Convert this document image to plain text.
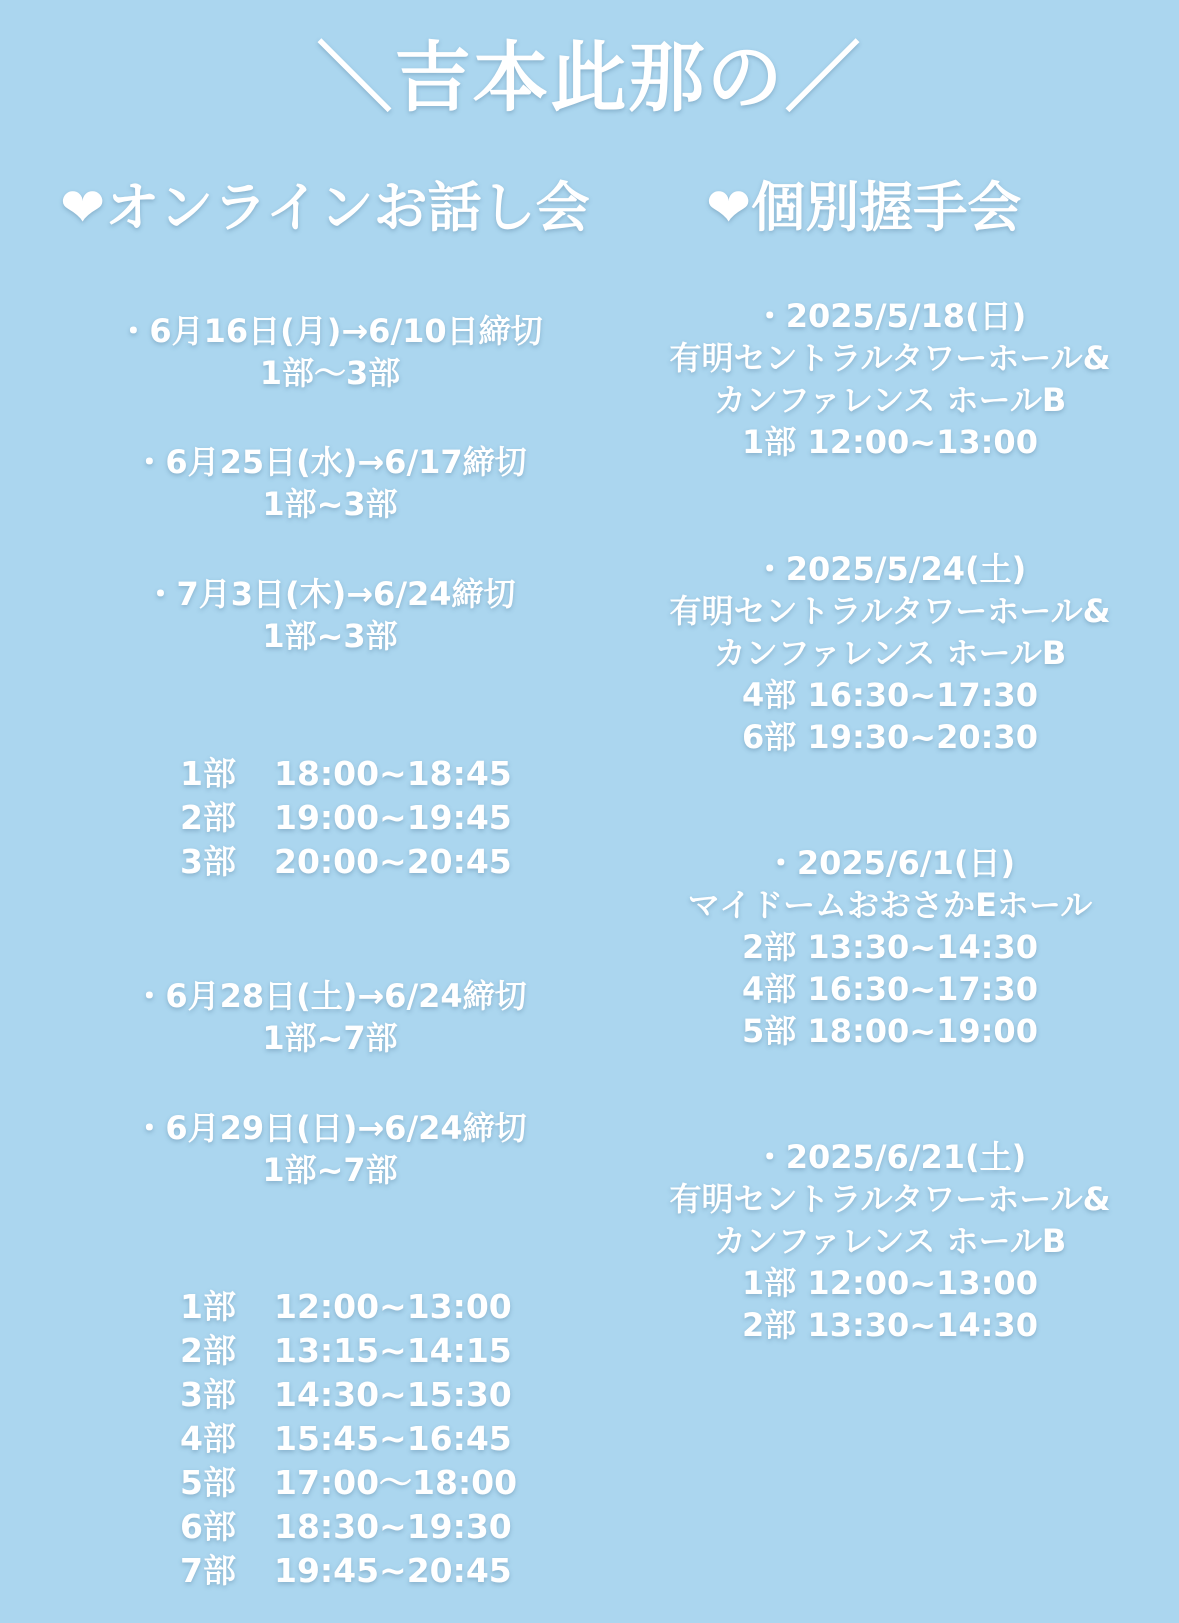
＼吉本此那の／
❤︎オンラインお話し会 ❤︎個別握手会
・6月16日(月)→6/10日締切
1部〜3部
・6月25日(水)→6/17締切
1部~3部
・7月3日(木)→6/24締切
1部~3部
1部 18:00~18:45
2部 19:00~19:45
3部 20:00~20:45
・6月28日(土)→6/24締切
1部~7部
・6月29日(日)→6/24締切
1部~7部
1部 12:00~13:00
2部 13:15~14:15
3部 14:30~15:30
4部 15:45~16:45
5部 17:00〜18:00
6部 18:30~19:30
7部 19:45~20:45
・2025/5/18(日)
有明セントラルタワーホール&
カンファレンス ホールB
1部 12:00~13:00
・2025/5/24(土)
有明セントラルタワーホール&
カンファレンス ホールB
4部 16:30~17:30
6部 19:30~20:30
・2025/6/1(日)
マイドームおおさかEホール
2部 13:30~14:30
4部 16:30~17:30
5部 18:00~19:00
・2025/6/21(土)
有明セントラルタワーホール&
カンファレンス ホールB
1部 12:00~13:00
2部 13:30~14:30
